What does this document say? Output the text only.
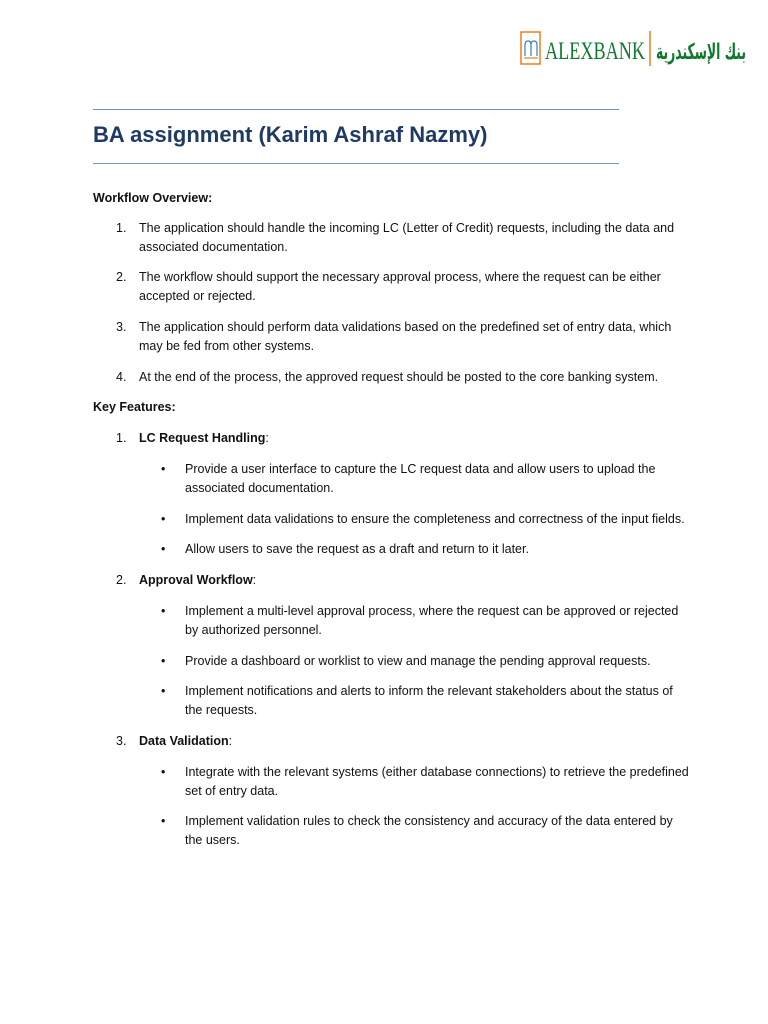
ALEXBANK بنك الإسكندرية
BA assignment (Karim Ashraf Nazmy)

Workflow Overview:

1. The application should handle the incoming LC (Letter of Credit) requests, including the data and associated documentation.
2. The workflow should support the necessary approval process, where the request can be either accepted or rejected.
3. The application should perform data validations based on the predefined set of entry data, which may be fed from other systems.
4. At the end of the process, the approved request should be posted to the core banking system.

Key Features:

1. LC Request Handling:
• Provide a user interface to capture the LC request data and allow users to upload the associated documentation.
• Implement data validations to ensure the completeness and correctness of the input fields.
• Allow users to save the request as a draft and return to it later.
2. Approval Workflow:
• Implement a multi-level approval process, where the request can be approved or rejected by authorized personnel.
• Provide a dashboard or worklist to view and manage the pending approval requests.
• Implement notifications and alerts to inform the relevant stakeholders about the status of the requests.
3. Data Validation:
• Integrate with the relevant systems (either database connections) to retrieve the predefined set of entry data.
• Implement validation rules to check the consistency and accuracy of the data entered by the users.
